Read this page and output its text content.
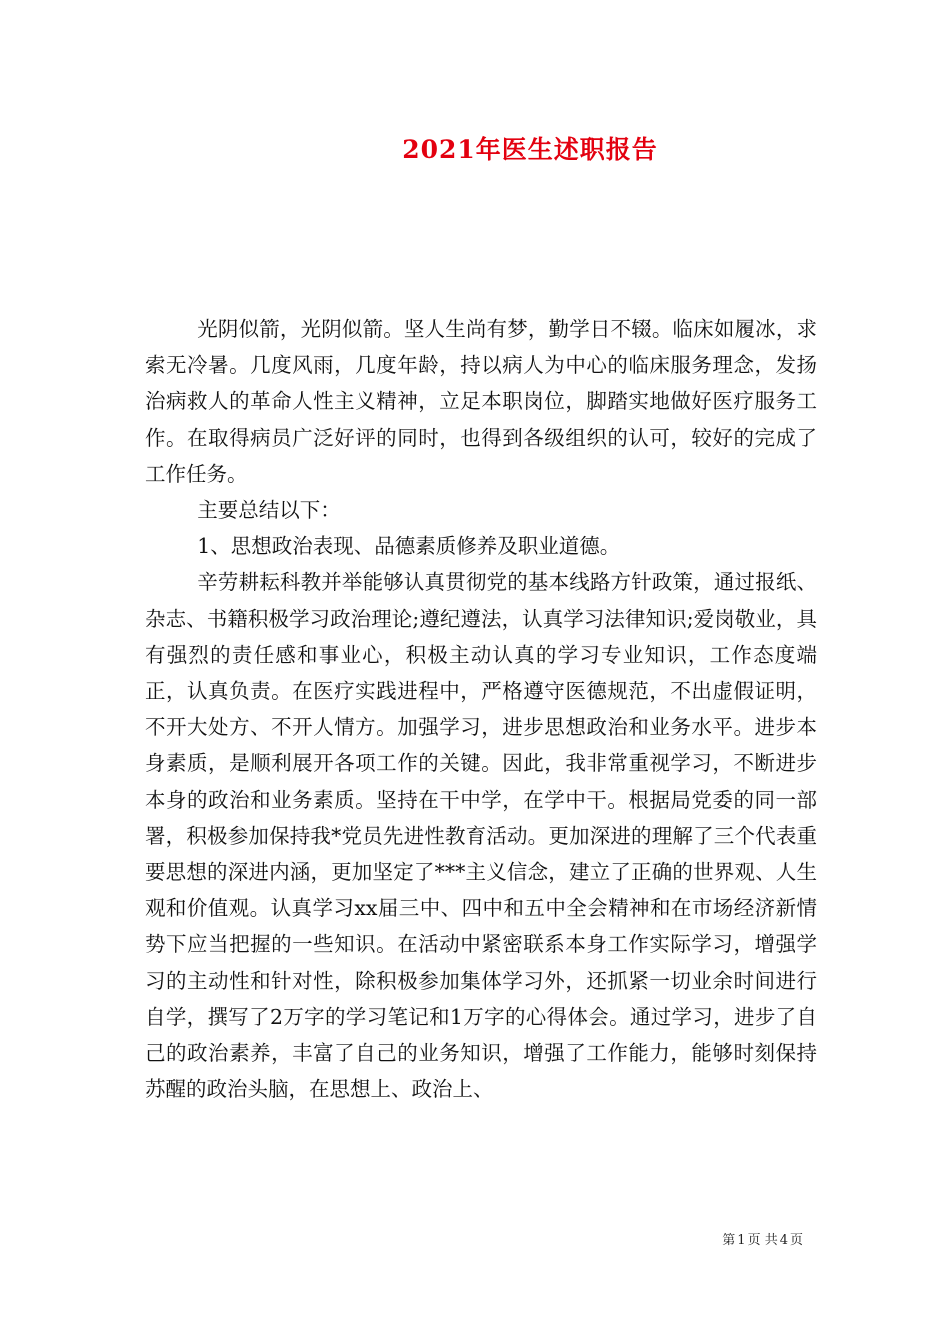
2021年医生述职报告

光阴似箭，光阴似箭。坚人生尚有梦，勤学日不辍。临床如履冰，求索无冷暑。几度风雨，几度年龄，持以病人为中心的临床服务理念，发扬治病救人的革命人性主义精神，立足本职岗位，脚踏实地做好医疗服务工作。在取得病员广泛好评的同时，也得到各级组织的认可，较好的完成了工作任务。

主要总结以下：

1、思想政治表现、品德素质修养及职业道德。

辛劳耕耘科教并举能够认真贯彻党的基本线路方针政策，通过报纸、杂志、书籍积极学习政治理论;遵纪遵法，认真学习法律知识;爱岗敬业，具有强烈的责任感和事业心，积极主动认真的学习专业知识，工作态度端正，认真负责。在医疗实践进程中，严格遵守医德规范，不出虚假证明，不开大处方、不开人情方。加强学习，进步思想政治和业务水平。进步本身素质，是顺利展开各项工作的关键。因此，我非常重视学习，不断进步本身的政治和业务素质。坚持在干中学，在学中干。根据局党委的同一部署，积极参加保持我*党员先进性教育活动。更加深进的理解了三个代表重要思想的深进内涵，更加坚定了***主义信念，建立了正确的世界观、人生观和价值观。认真学习xx届三中、四中和五中全会精神和在市场经济新情势下应当把握的一些知识。在活动中紧密联系本身工作实际学习，增强学习的主动性和针对性，除积极参加集体学习外，还抓紧一切业余时间进行自学，撰写了2万字的学习笔记和1万字的心得体会。通过学习，进步了自己的政治素养，丰富了自己的业务知识，增强了工作能力，能够时刻保持苏醒的政治头脑，在思想上、政治上、

第 1 页 共 4 页
